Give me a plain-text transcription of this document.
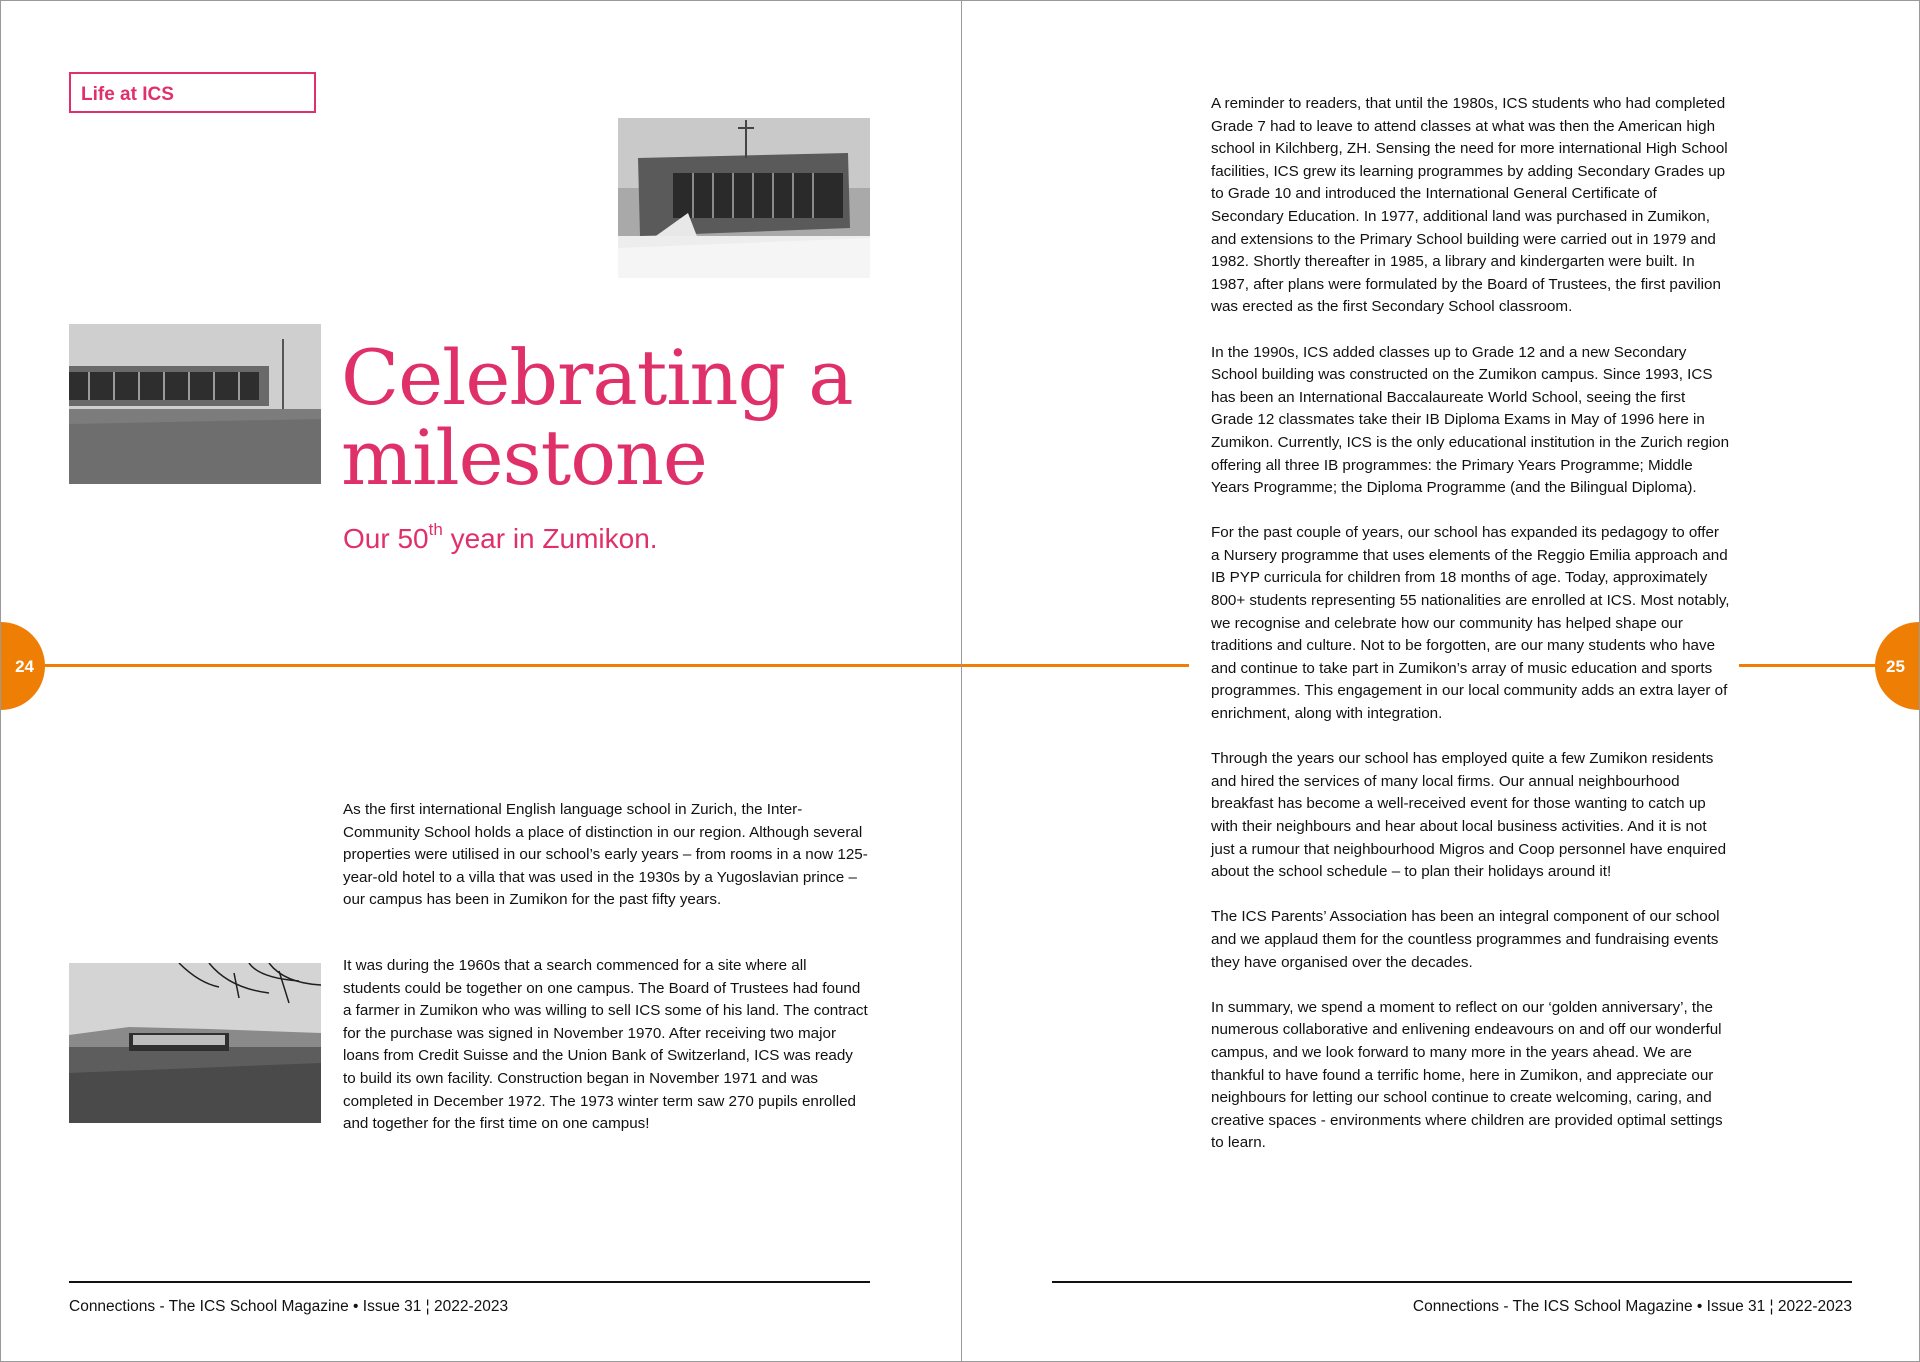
Life at ICS
Celebrating a
milestone
Our 50th year in Zumikon.

As the first international English language school in Zurich, the Inter-Community School holds a place of distinction in our region. Although several properties were utilised in our school’s early years – from rooms in a now 125-year-old hotel to a villa that was used in the 1930s by a Yugoslavian prince – our campus has been in Zumikon for the past fifty years.

It was during the 1960s that a search commenced for a site where all students could be together on one campus. The Board of Trustees had found a farmer in Zumikon who was willing to sell ICS some of his land. The contract for the purchase was signed in November 1970. After receiving two major loans from Credit Suisse and the Union Bank of Switzerland, ICS was ready to build its own facility. Construction began in November 1971 and was completed in December 1972. The 1973 winter term saw 270 pupils enrolled and together for the first time on one campus!

24
Connections - The ICS School Magazine • Issue 31 ¦ 2022-2023
25

A reminder to readers, that until the 1980s, ICS students who had completed Grade 7 had to leave to attend classes at what was then the American high school in Kilchberg, ZH. Sensing the need for more international High School facilities, ICS grew its learning programmes by adding Secondary Grades up to Grade 10 and introduced the International General Certificate of Secondary Education. In 1977, additional land was purchased in Zumikon, and extensions to the Primary School building were carried out in 1979 and 1982. Shortly thereafter in 1985, a library and kindergarten were built. In 1987, after plans were formulated by the Board of Trustees, the first pavilion was erected as the first Secondary School classroom.

In the 1990s, ICS added classes up to Grade 12 and a new Secondary School building was constructed on the Zumikon campus. Since 1993, ICS has been an International Baccalaureate World School, seeing the first Grade 12 classmates take their IB Diploma Exams in May of 1996 here in Zumikon. Currently, ICS is the only educational institution in the Zurich region offering all three IB programmes: the Primary Years Programme; Middle Years Programme; the Diploma Programme (and the Bilingual Diploma).

For the past couple of years, our school has expanded its pedagogy to offer a Nursery programme that uses elements of the Reggio Emilia approach and IB PYP curricula for children from 18 months of age. Today, approximately 800+ students representing 55 nationalities are enrolled at ICS. Most notably, we recognise and celebrate how our community has helped shape our traditions and culture. Not to be forgotten, are our many students who have and continue to take part in Zumikon’s array of music education and sports programmes. This engagement in our local community adds an extra layer of enrichment, along with integration.

Through the years our school has employed quite a few Zumikon residents and hired the services of many local firms. Our annual neighbourhood breakfast has become a well-received event for those wanting to catch up with their neighbours and hear about local business activities. And it is not just a rumour that neighbourhood Migros and Coop personnel have enquired about the school schedule – to plan their holidays around it!

The ICS Parents’ Association has been an integral component of our school and we applaud them for the countless programmes and fundraising events they have organised over the decades.

In summary, we spend a moment to reflect on our ‘golden anniversary’, the numerous collaborative and enlivening endeavours on and off our wonderful campus, and we look forward to many more in the years ahead. We are thankful to have found a terrific home, here in Zumikon, and appreciate our neighbours for letting our school continue to create welcoming, caring, and creative spaces - environments where children are provided optimal settings to learn.

Connections - The ICS School Magazine • Issue 31 ¦ 2022-2023
